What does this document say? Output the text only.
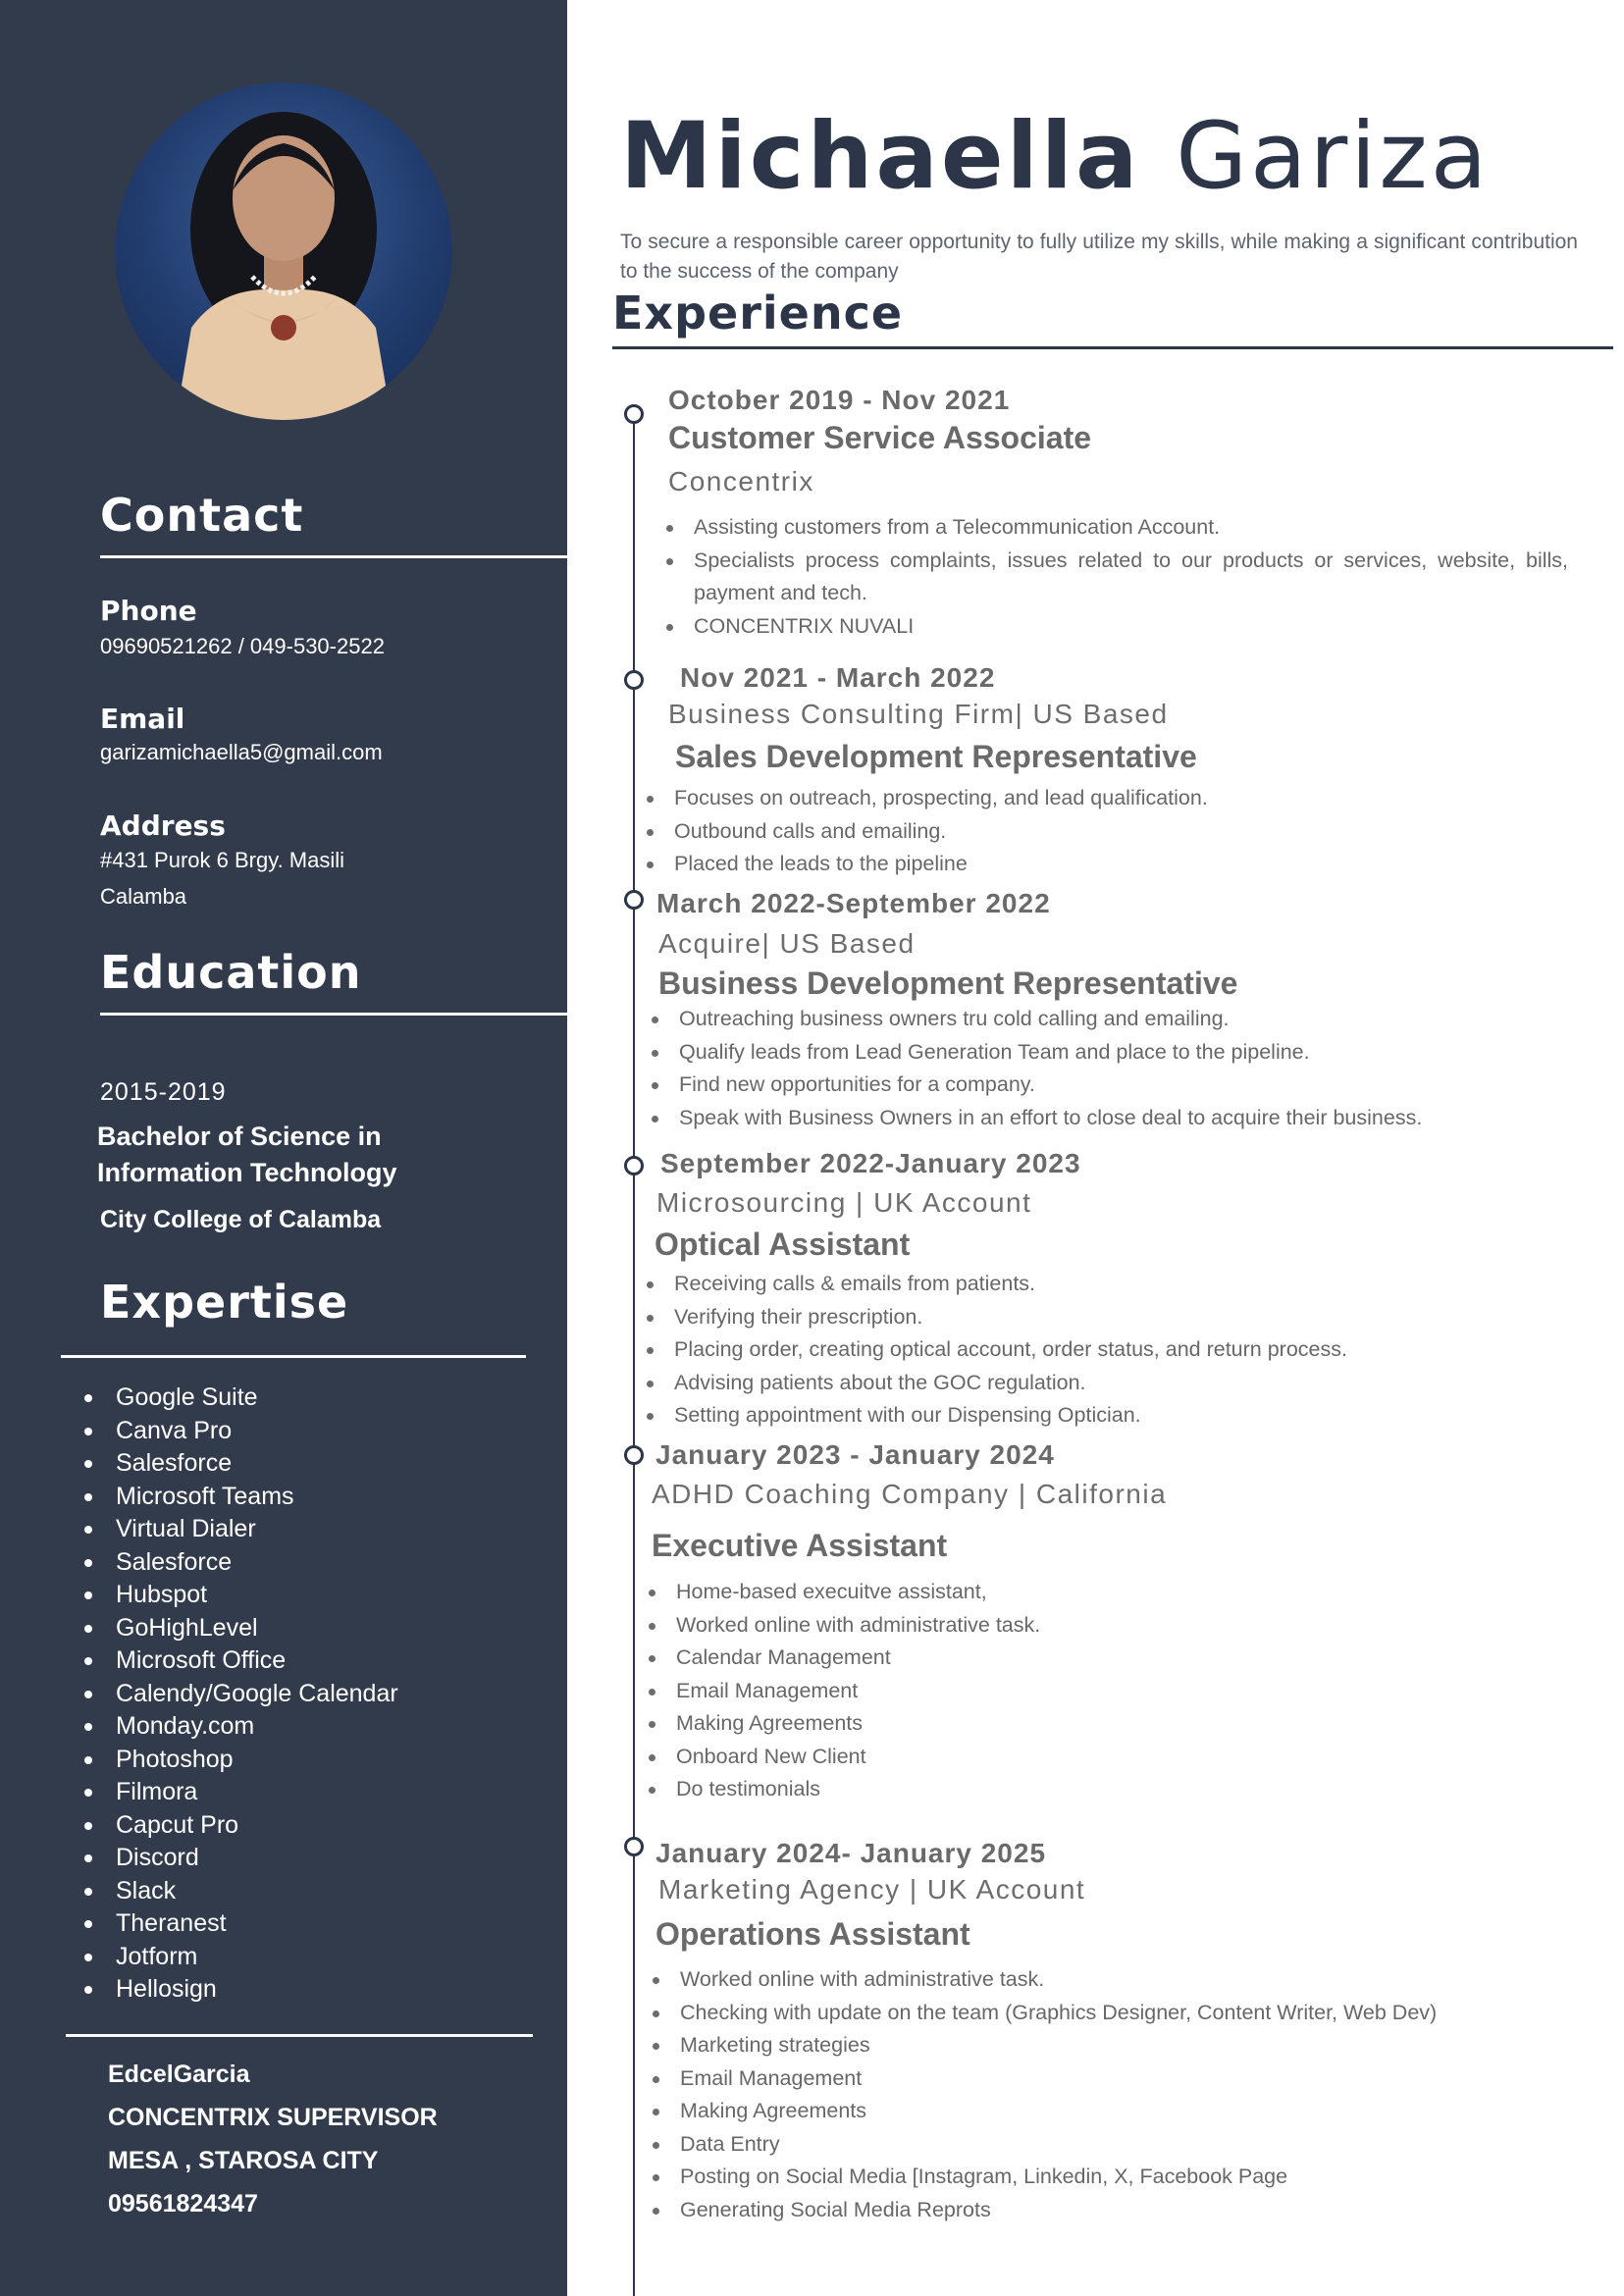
Contact
Phone
09690521262 / 049-530-2522
Email
garizamichaella5@gmail.com
Address
#431 Purok 6 Brgy. Masili
Calamba
Education
2015-2019
Bachelor of Science in
Information Technology
City College of Calamba
Expertise
Google Suite
Canva Pro
Salesforce
Microsoft Teams
Virtual Dialer
Salesforce
Hubspot
GoHighLevel
Microsoft Office
Calendy/Google Calendar
Monday.com
Photoshop
Filmora
Capcut Pro
Discord
Slack
Theranest
Jotform
Hellosign
EdcelGarcia
CONCENTRIX SUPERVISOR
MESA , STAROSA CITY
09561824347
Michaella Gariza

To secure a responsible career opportunity to fully utilize my skills, while making a significant contribution to the success of the company

Experience
October 2019 - Nov 2021
Customer Service Associate
Concentrix
Assisting customers from a Telecommunication Account.
Specialists process complaints, issues related to our products or services, website, bills, payment and tech.
CONCENTRIX NUVALI
Nov 2021 - March 2022
Business Consulting Firm| US Based
Sales Development Representative
Focuses on outreach, prospecting, and lead qualification.
Outbound calls and emailing.
Placed the leads to the pipeline
March 2022-September 2022
Acquire| US Based
Business Development Representative
Outreaching business owners tru cold calling and emailing.
Qualify leads from Lead Generation Team and place to the pipeline.
Find new opportunities for a company.
Speak with Business Owners in an effort to close deal to acquire their business.
September 2022-January 2023
Microsourcing | UK Account
Optical Assistant
Receiving calls & emails from patients.
Verifying their prescription.
Placing order, creating optical account, order status, and return process.
Advising patients about the GOC regulation.
Setting appointment with our Dispensing Optician.
January 2023 - January 2024
ADHD Coaching Company | California
Executive Assistant
Home-based execuitve assistant,
Worked online with administrative task.
Calendar Management
Email Management
Making Agreements
Onboard New Client
Do testimonials
January 2024- January 2025
Marketing Agency | UK Account
Operations Assistant
Worked online with administrative task.
Checking with update on the team (Graphics Designer, Content Writer, Web Dev)
Marketing strategies
Email Management
Making Agreements
Data Entry
Posting on Social Media [Instagram, Linkedin, X, Facebook Page
Generating Social Media Reprots
